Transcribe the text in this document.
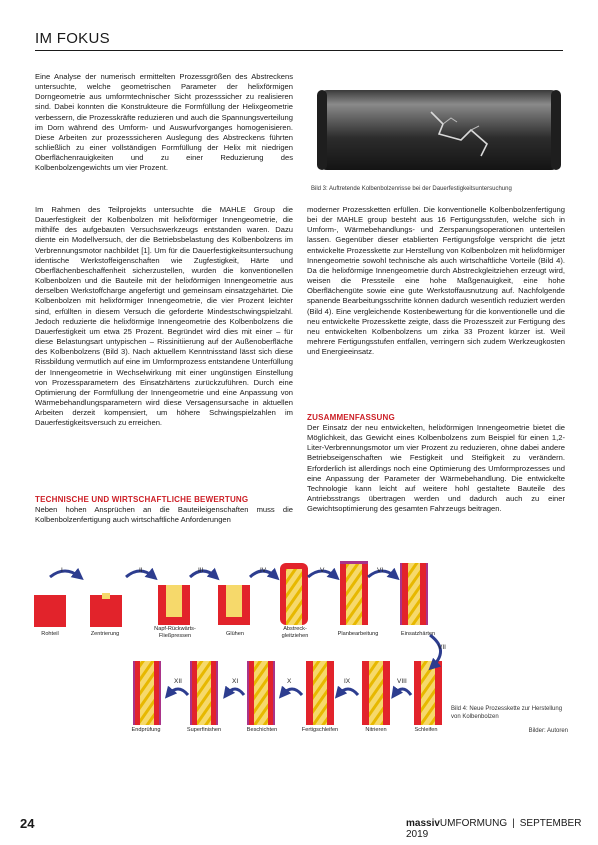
IM FOKUS
Eine Analyse der numerisch ermittelten Prozessgrößen des Abstreckens untersuchte, welche geometrischen Parameter der helixförmigen Dorngeometrie aus umformtechnischer Sicht prozesssicher zu realisieren sind. Dabei konnten die Konstrukteure die Formfüllung der Helixgeometrie verbessern, die Prozesskräfte reduzieren und auch die Spannungsverteilung im Dorn während des Umform- und Auswurfvorganges homogenisieren. Diese Arbeiten zur prozesssicheren Auslegung des Abstreckens führten schließlich zu einer vollständigen Formfüllung der Helix mit niedrigen Oberflächenrauigkeiten und zu einer Reduzierung des Kolbenbolzengewichts um vier Prozent.
Bild 3: Auftretende Kolbenbolzenrisse bei der Dauerfestigkeitsuntersuchung
Im Rahmen des Teilprojekts untersuchte die MAHLE Group die Dauerfestigkeit der Kolbenbolzen mit helixförmiger Innengeometrie, die mithilfe des aufgebauten Versuchswerkzeugs entstanden waren. Dazu diente ein Modellversuch, der die Betriebsbelastung des Kolbenbolzens im Verbrennungsmotor nachbildet [1]. Um für die Dauerfestigkeitsuntersuchung identische Werkstoffeigenschaften wie Zugfestigkeit, Härte und Oberflächenbeschaffenheit sicherzustellen, wurden die konventionellen Kolbenbolzen und die Bauteile mit der helixförmigen Innengeometrie aus derselben Werkstoffcharge angefertigt und gemeinsam einsatzgehärtet. Die Kolbenbolzen mit helixförmiger Innengeometrie, die vier Prozent leichter sind, erfüllten in diesem Versuch die geforderte Mindestschwingspielzahl. Jedoch reduzierte die helixförmige Innengeometrie des Kolbenbolzens die Dauerfestigkeit um etwa 25 Prozent. Begründet wird dies mit einer – für diese Belastungsart untypischen – Rissinitiierung auf der Außenoberfläche des Kolbenbolzens (Bild 3). Nach aktuellem Kenntnisstand lässt sich diese Rissbildung vermutlich auf eine im Umformprozess entstandene Unterfüllung der Innengeometrie in Wechselwirkung mit einer ungünstigen Einstellung von Prozessparametern des Einsatzhärtens zurückzuführen. Durch eine Optimierung der Formfüllung der Innengeometrie und eine Anpassung von Wärmebehandlungsparametern wird diese Versagensursache in aktuellen Arbeiten derzeit kompensiert, um höhere Schwingspielzahlen im Dauerfestigkeitsversuch zu erreichen.
TECHNISCHE UND WIRTSCHAFTLICHE BEWERTUNG
Neben hohen Ansprüchen an die Bauteileigenschaften muss die Kolbenbolzenfertigung auch wirtschaftliche Anforderungen
moderner Prozessketten erfüllen. Die konventionelle Kolbenbolzenfertigung bei der MAHLE group besteht aus 16 Fertigungsstufen, welche sich in Umform-, Wärmebehandlungs- und Zerspanungsoperationen unterteilen lassen. Gegenüber dieser etablierten Fertigungsfolge verspricht die jetzt entwickelte Prozesskette zur Herstellung von Kolbenbolzen mit helixförmiger Innengeometrie sowohl technische als auch wirtschaftliche Vorteile (Bild 4). Da die helixförmige Innengeometrie durch Abstreckgleitziehen erzeugt wird, weisen die Pressteile eine hohe Maßgenauigkeit, eine hohe Oberflächengüte sowie eine gute Werkstoffausnutzung auf. Nachfolgende spanende Bearbeitungsschritte können dadurch wesentlich reduziert werden (Bild 4). Eine vergleichende Kostenbewertung für die konventionelle und die neu entwickelte Prozesskette zeigte, dass die Prozesszeit zur Fertigung des neu entwickelten Kolbenbolzens um zirka 33 Prozent kürzer ist. Weil mehrere Fertigungsstufen entfallen, verringern sich zudem Werkzeugkosten und Energieeinsatz.
ZUSAMMENFASSUNG
Der Einsatz der neu entwickelten, helixförmigen Innengeometrie bietet die Möglichkeit, das Gewicht eines Kolbenbolzens zum Beispiel für einen 1,2-Liter-Verbrennungsmotor um vier Prozent zu reduzieren, ohne dabei andere Betriebseigenschaften wie Festigkeit und Steifigkeit zu verändern. Erforderlich ist allerdings noch eine Optimierung des Umformprozesses und eine Anpassung der Parameter der Wärmebehandlung. Die entwickelte Technologie kann leicht auf weitere hohl gestaltete Bauteile des Antriebsstrangs übertragen werden und dadurch auch zu einer Gewichtsoptimierung des gesamten Fahrzeugs beitragen.
Rohteil	Zentrierung
Napf-Rückwärts-Fließpressen	Glühen
Abstreck-gleitziehen	Planbearbeitung	Einsatzhärten
Endprüfung	Superfinishen	Beschichten	Fertigschleifen	Nitrieren	Schleifen
I	II	III	IV	V	VI
VII
XII	XI	X	IX	VIII
Bild 4: Neue Prozesskette zur Herstellung von Kolbenbolzen
Bilder: Autoren
24	massivUMFORMUNG | SEPTEMBER 2019
